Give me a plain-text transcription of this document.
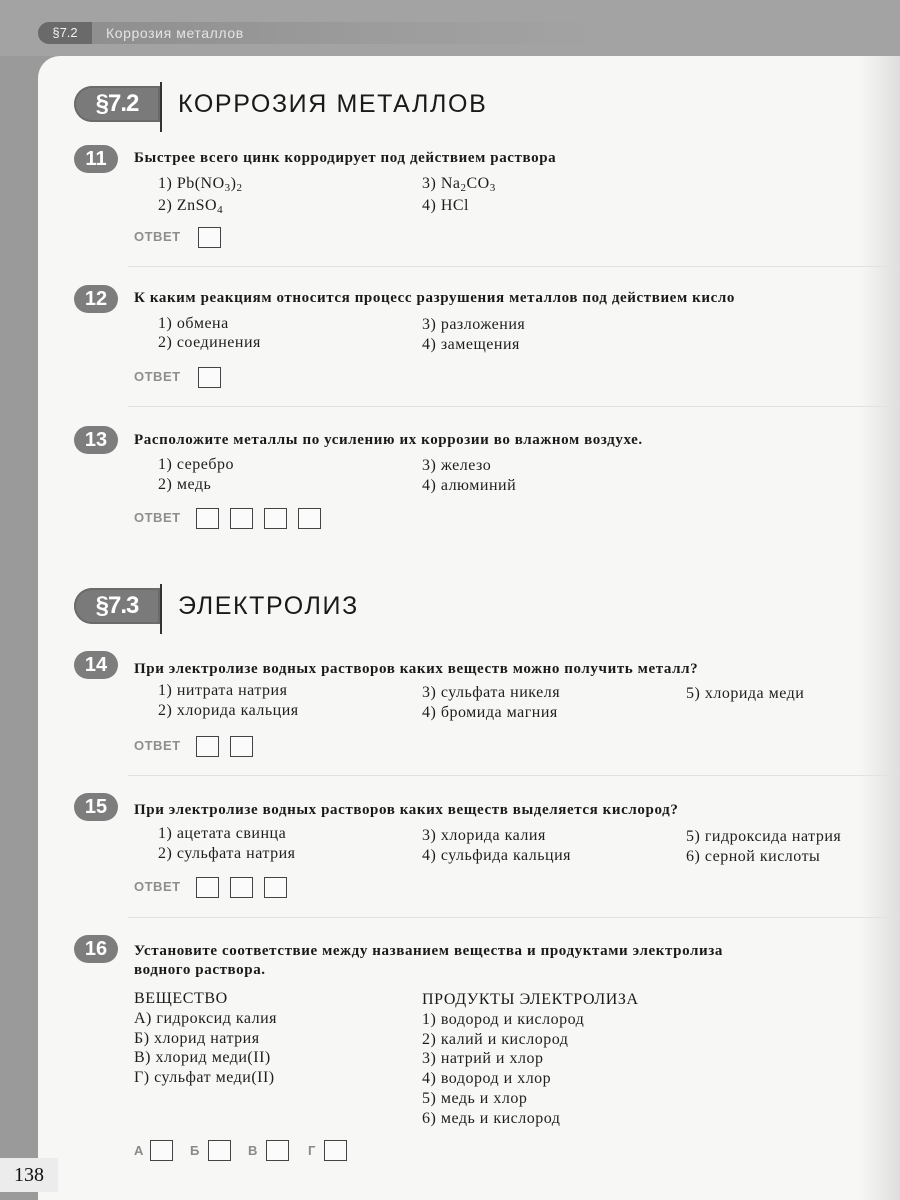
§7.2	Коррозия металлов
§7.2	КОРРОЗИЯ МЕТАЛЛОВ
11	Быстрее всего цинк корродирует под действием раствора
1) $Pb(NO_3)_2$
2) ZnSO$_4$
3) $Na_2CO_3$
4) HCl
ОТВЕТ
12	К каким реакциям относится процесс разрушения металлов под действием кисло
1) обмена
2) соединения
3) разложения
4) замещения
ОТВЕТ
13	Расположите металлы по усилению их коррозии во влажном воздухе.
1) серебро
2) медь
3) железо
4) алюминий
ОТВЕТ
§7.3	ЭЛЕКТРОЛИЗ
14	При электролизе водных растворов каких веществ можно получить металл?
1) нитрата натрия
2) хлорида кальция
3) сульфата никеля
4) бромида магния
5) хлорида меди
ОТВЕТ
15	При электролизе водных растворов каких веществ выделяется кислород?
1) ацетата свинца
2) сульфата натрия
3) хлорида калия
4) сульфида кальция
5) гидроксида натрия
6) серной кислоты
ОТВЕТ
16	Установите соответствие между названием вещества и продуктами электролиза
водного раствора.
ВЕЩЕСТВО
А) гидроксид калия
Б) хлорид натрия
В) хлорид меди(II)
Г) сульфат меди(II)
ПРОДУКТЫ ЭЛЕКТРОЛИЗА
1) водород и кислород
2) калий и кислород
3) натрий и хлор
4) водород и хлор
5) медь и хлор
6) медь и кислород
А	Б	В	Г
138
